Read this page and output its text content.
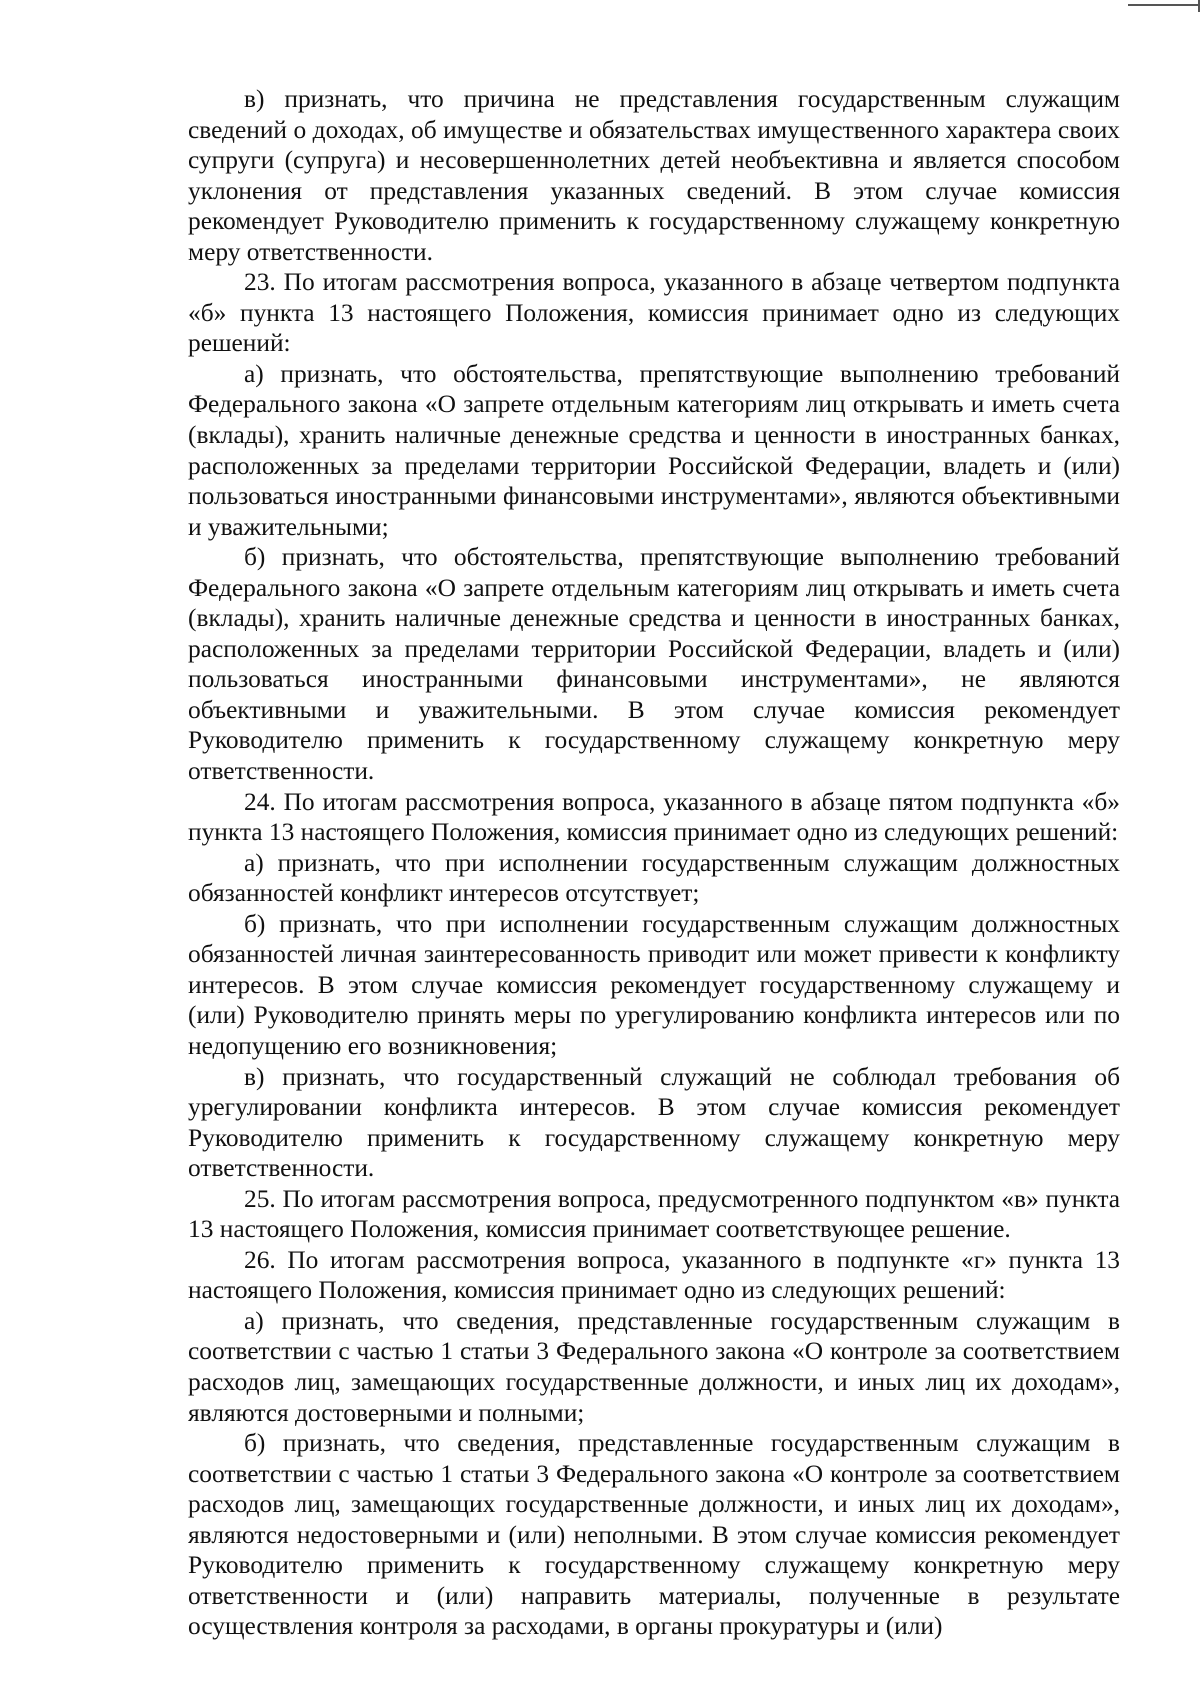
в) признать, что причина не представления государственным служащим сведений о доходах, об имуществе и обязательствах имущественного характера своих супруги (супруга) и несовершеннолетних детей необъективна и является способом уклонения от представления указанных сведений. В этом случае комиссия рекомендует Руководителю применить к государственному служащему конкретную меру ответственности.

23. По итогам рассмотрения вопроса, указанного в абзаце четвертом подпункта «б» пункта 13 настоящего Положения, комиссия принимает одно из следующих решений:

а) признать, что обстоятельства, препятствующие выполнению требований Федерального закона «О запрете отдельным категориям лиц открывать и иметь счета (вклады), хранить наличные денежные средства и ценности в иностранных банках, расположенных за пределами территории Российской Федерации, владеть и (или) пользоваться иностранными финансовыми инструментами», являются объективными и уважительными;

б) признать, что обстоятельства, препятствующие выполнению требований Федерального закона «О запрете отдельным категориям лиц открывать и иметь счета (вклады), хранить наличные денежные средства и ценности в иностранных банках, расположенных за пределами территории Российской Федерации, владеть и (или) пользоваться иностранными финансовыми инструментами», не являются объективными и уважительными. В этом случае комиссия рекомендует Руководителю применить к государственному служащему конкретную меру ответственности.

24. По итогам рассмотрения вопроса, указанного в абзаце пятом подпункта «б» пункта 13 настоящего Положения, комиссия принимает одно из следующих решений:

а) признать, что при исполнении государственным служащим должностных обязанностей конфликт интересов отсутствует;

б) признать, что при исполнении государственным служащим должностных обязанностей личная заинтересованность приводит или может привести к конфликту интересов. В этом случае комиссия рекомендует государственному служащему и (или) Руководителю принять меры по урегулированию конфликта интересов или по недопущению его возникновения;

в) признать, что государственный служащий не соблюдал требования об урегулировании конфликта интересов. В этом случае комиссия рекомендует Руководителю применить к государственному служащему конкретную меру ответственности.

25. По итогам рассмотрения вопроса, предусмотренного подпунктом «в» пункта 13 настоящего Положения, комиссия принимает соответствующее решение.

26. По итогам рассмотрения вопроса, указанного в подпункте «г» пункта 13 настоящего Положения, комиссия принимает одно из следующих решений:

а) признать, что сведения, представленные государственным служащим в соответствии с частью 1 статьи 3 Федерального закона «О контроле за соответствием расходов лиц, замещающих государственные должности, и иных лиц их доходам», являются достоверными и полными;

б) признать, что сведения, представленные государственным служащим в соответствии с частью 1 статьи 3 Федерального закона «О контроле за соответствием расходов лиц, замещающих государственные должности, и иных лиц их доходам», являются недостоверными и (или) неполными. В этом случае комиссия рекомендует Руководителю применить к государственному служащему конкретную меру ответственности и (или) направить материалы, полученные в результате осуществления контроля за расходами, в органы прокуратуры и (или)
